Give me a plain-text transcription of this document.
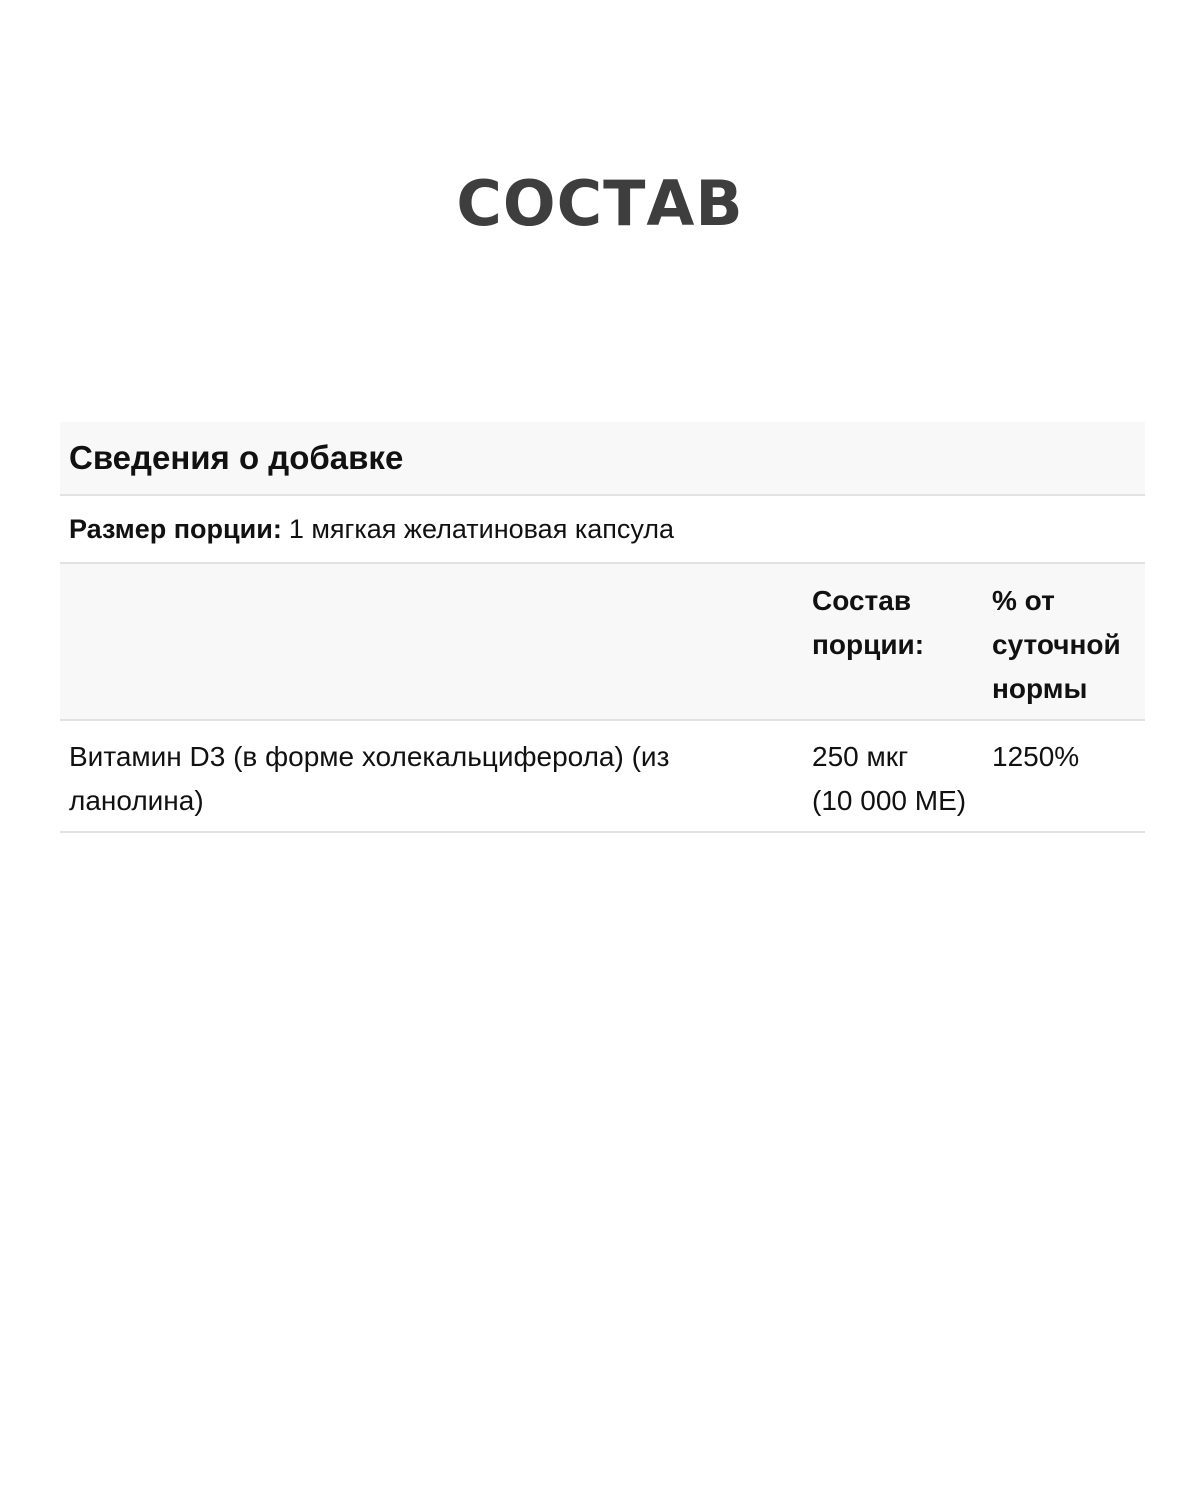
СОСТАВ
Сведения о добавке
Размер порции: 1 мягкая желатиновая капсула
Состав
порции:
% от
суточной
нормы
Витамин D3 (в форме холекальциферола) (из
ланолина)
250 мкг
(10 000 МЕ)
1250%
